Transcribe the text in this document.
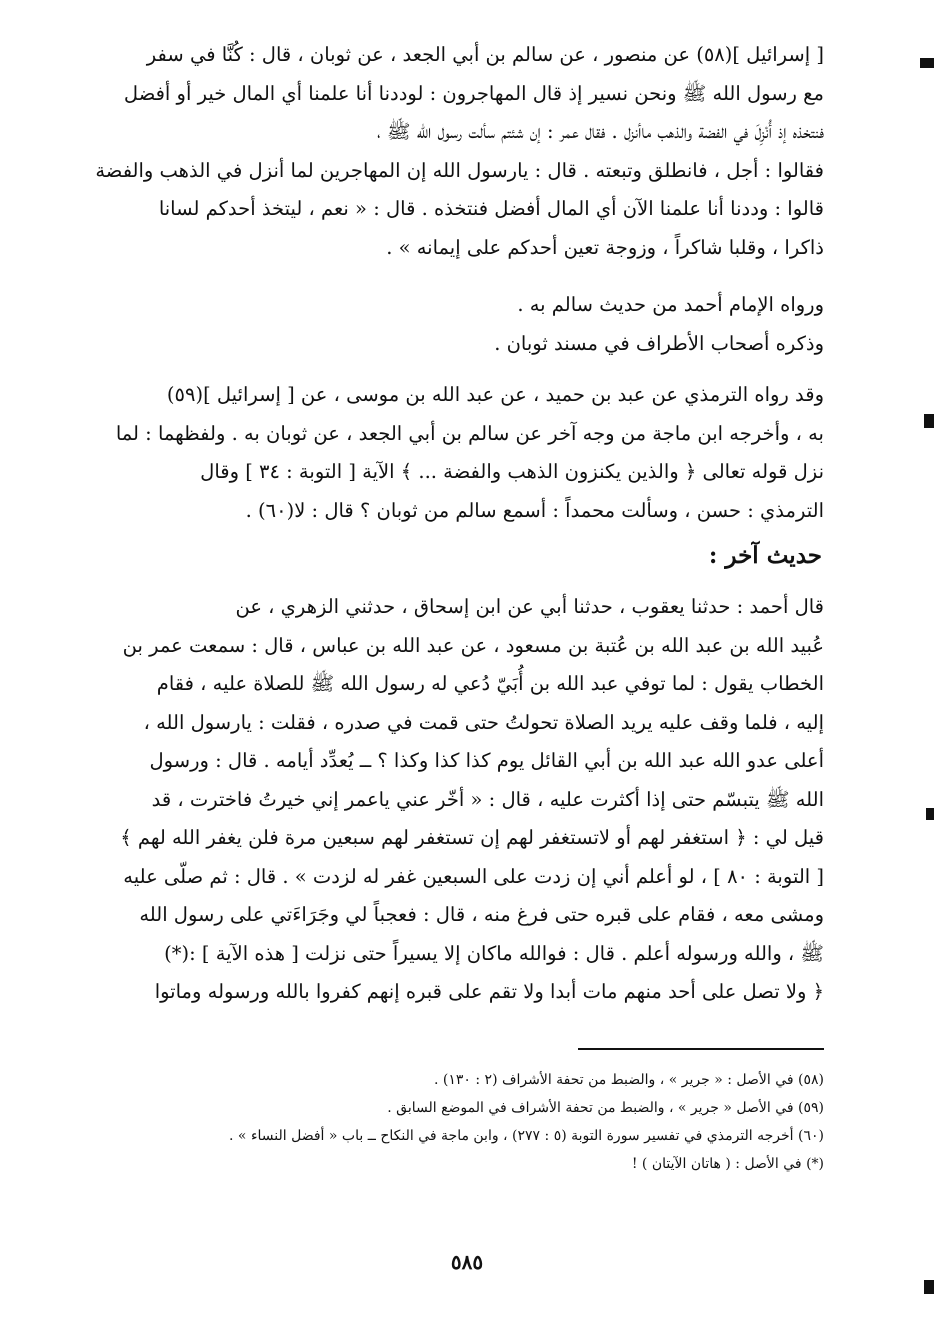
[ إسرائيل ](٥٨) عن منصور ، عن سالم بن أبي الجعد ، عن ثوبان ، قال : كُنَّا في سفر
مع رسول الله ﷺ ونحن نسير إذ قال المهاجرون : لوددنا أنا علمنا أي المال خير أو أفضل
فنتخذه إذ أُنْزِلَ في الفضة والذهب ماأنزل . فقال عمر : إن شئتم سألت رسول الله ﷺ ،
فقالوا : أجل ، فانطلق وتبعته . قال : يارسول الله إن المهاجرين لما أنزل في الذهب والفضة
قالوا : وددنا أنا علمنا الآن أي المال أفضل فنتخذه . قال : « نعم ، ليتخذ أحدكم لسانا
ذاكرا ، وقلبا شاكراً ، وزوجة تعين أحدكم على إيمانه » .
ورواه الإمام أحمد من حديث سالم به .
وذكره أصحاب الأطراف في مسند ثوبان .
وقد رواه الترمذي عن عبد بن حميد ، عن عبد الله بن موسى ، عن [ إسرائيل ](٥٩)
به ، وأخرجه ابن ماجة من وجه آخر عن سالم بن أبي الجعد ، عن ثوبان به . ولفظهما : لما
نزل قوله تعالى ﴿ والذين يكنزون الذهب والفضة ... ﴾ الآية [ التوبة : ٣٤ ] وقال
الترمذي : حسن ، وسألت محمداً : أسمع سالم من ثوبان ؟ قال : لا(٦٠) .
حديث آخر :
قال أحمد : حدثنا يعقوب ، حدثنا أبي عن ابن إسحاق ، حدثني الزهري ، عن
عُبيد الله بن عبد الله بن عُتبة بن مسعود ، عن عبد الله بن عباس ، قال : سمعت عمر بن
الخطاب يقول : لما توفي عبد الله بن أُبَيّ دُعي له رسول الله ﷺ للصلاة عليه ، فقام
إليه ، فلما وقف عليه يريد الصلاة تحولتُ حتى قمت في صدره ، فقلت : يارسول الله ،
أعلى عدو الله عبد الله بن أبي القائل يوم كذا كذا وكذا ؟ ــ يُعدِّد أيامه . قال : ورسول
الله ﷺ يتبسّم حتى إذا أكثرت عليه ، قال : « أخّر عني ياعمر إني خيرتُ فاخترت ، قد
قيل لي : ﴿ استغفر لهم أو لاتستغفر لهم إن تستغفر لهم سبعين مرة فلن يغفر الله لهم ﴾
[ التوبة : ٨٠ ] ، لو أعلم أني إن زدت على السبعين غفر له لزدت » . قال : ثم صلّى عليه
ومشى معه ، فقام على قبره حتى فرغ منه ، قال : فعجباً لي وجَرَاءَتي على رسول الله
ﷺ ، والله ورسوله أعلم . قال : فوالله ماكان إلا يسيراً حتى نزلت [ هذه الآية ] :(*)
﴿ ولا تصل على أحد منهم مات أبدا ولا تقم على قبره إنهم كفروا بالله ورسوله وماتوا
(٥٨) في الأصل : « جرير » ، والضبط من تحفة الأشراف (٢ : ١٣٠) .
(٥٩) في الأصل « جرير » ، والضبط من تحفة الأشراف في الموضع السابق .
(٦٠) أخرجه الترمذي في تفسير سورة التوبة (٥ : ٢٧٧) ، وابن ماجة في النكاح ــ باب « أفضل النساء » .
(*) في الأصل : ( هاتان الآيتان ) !
٥٨٥
